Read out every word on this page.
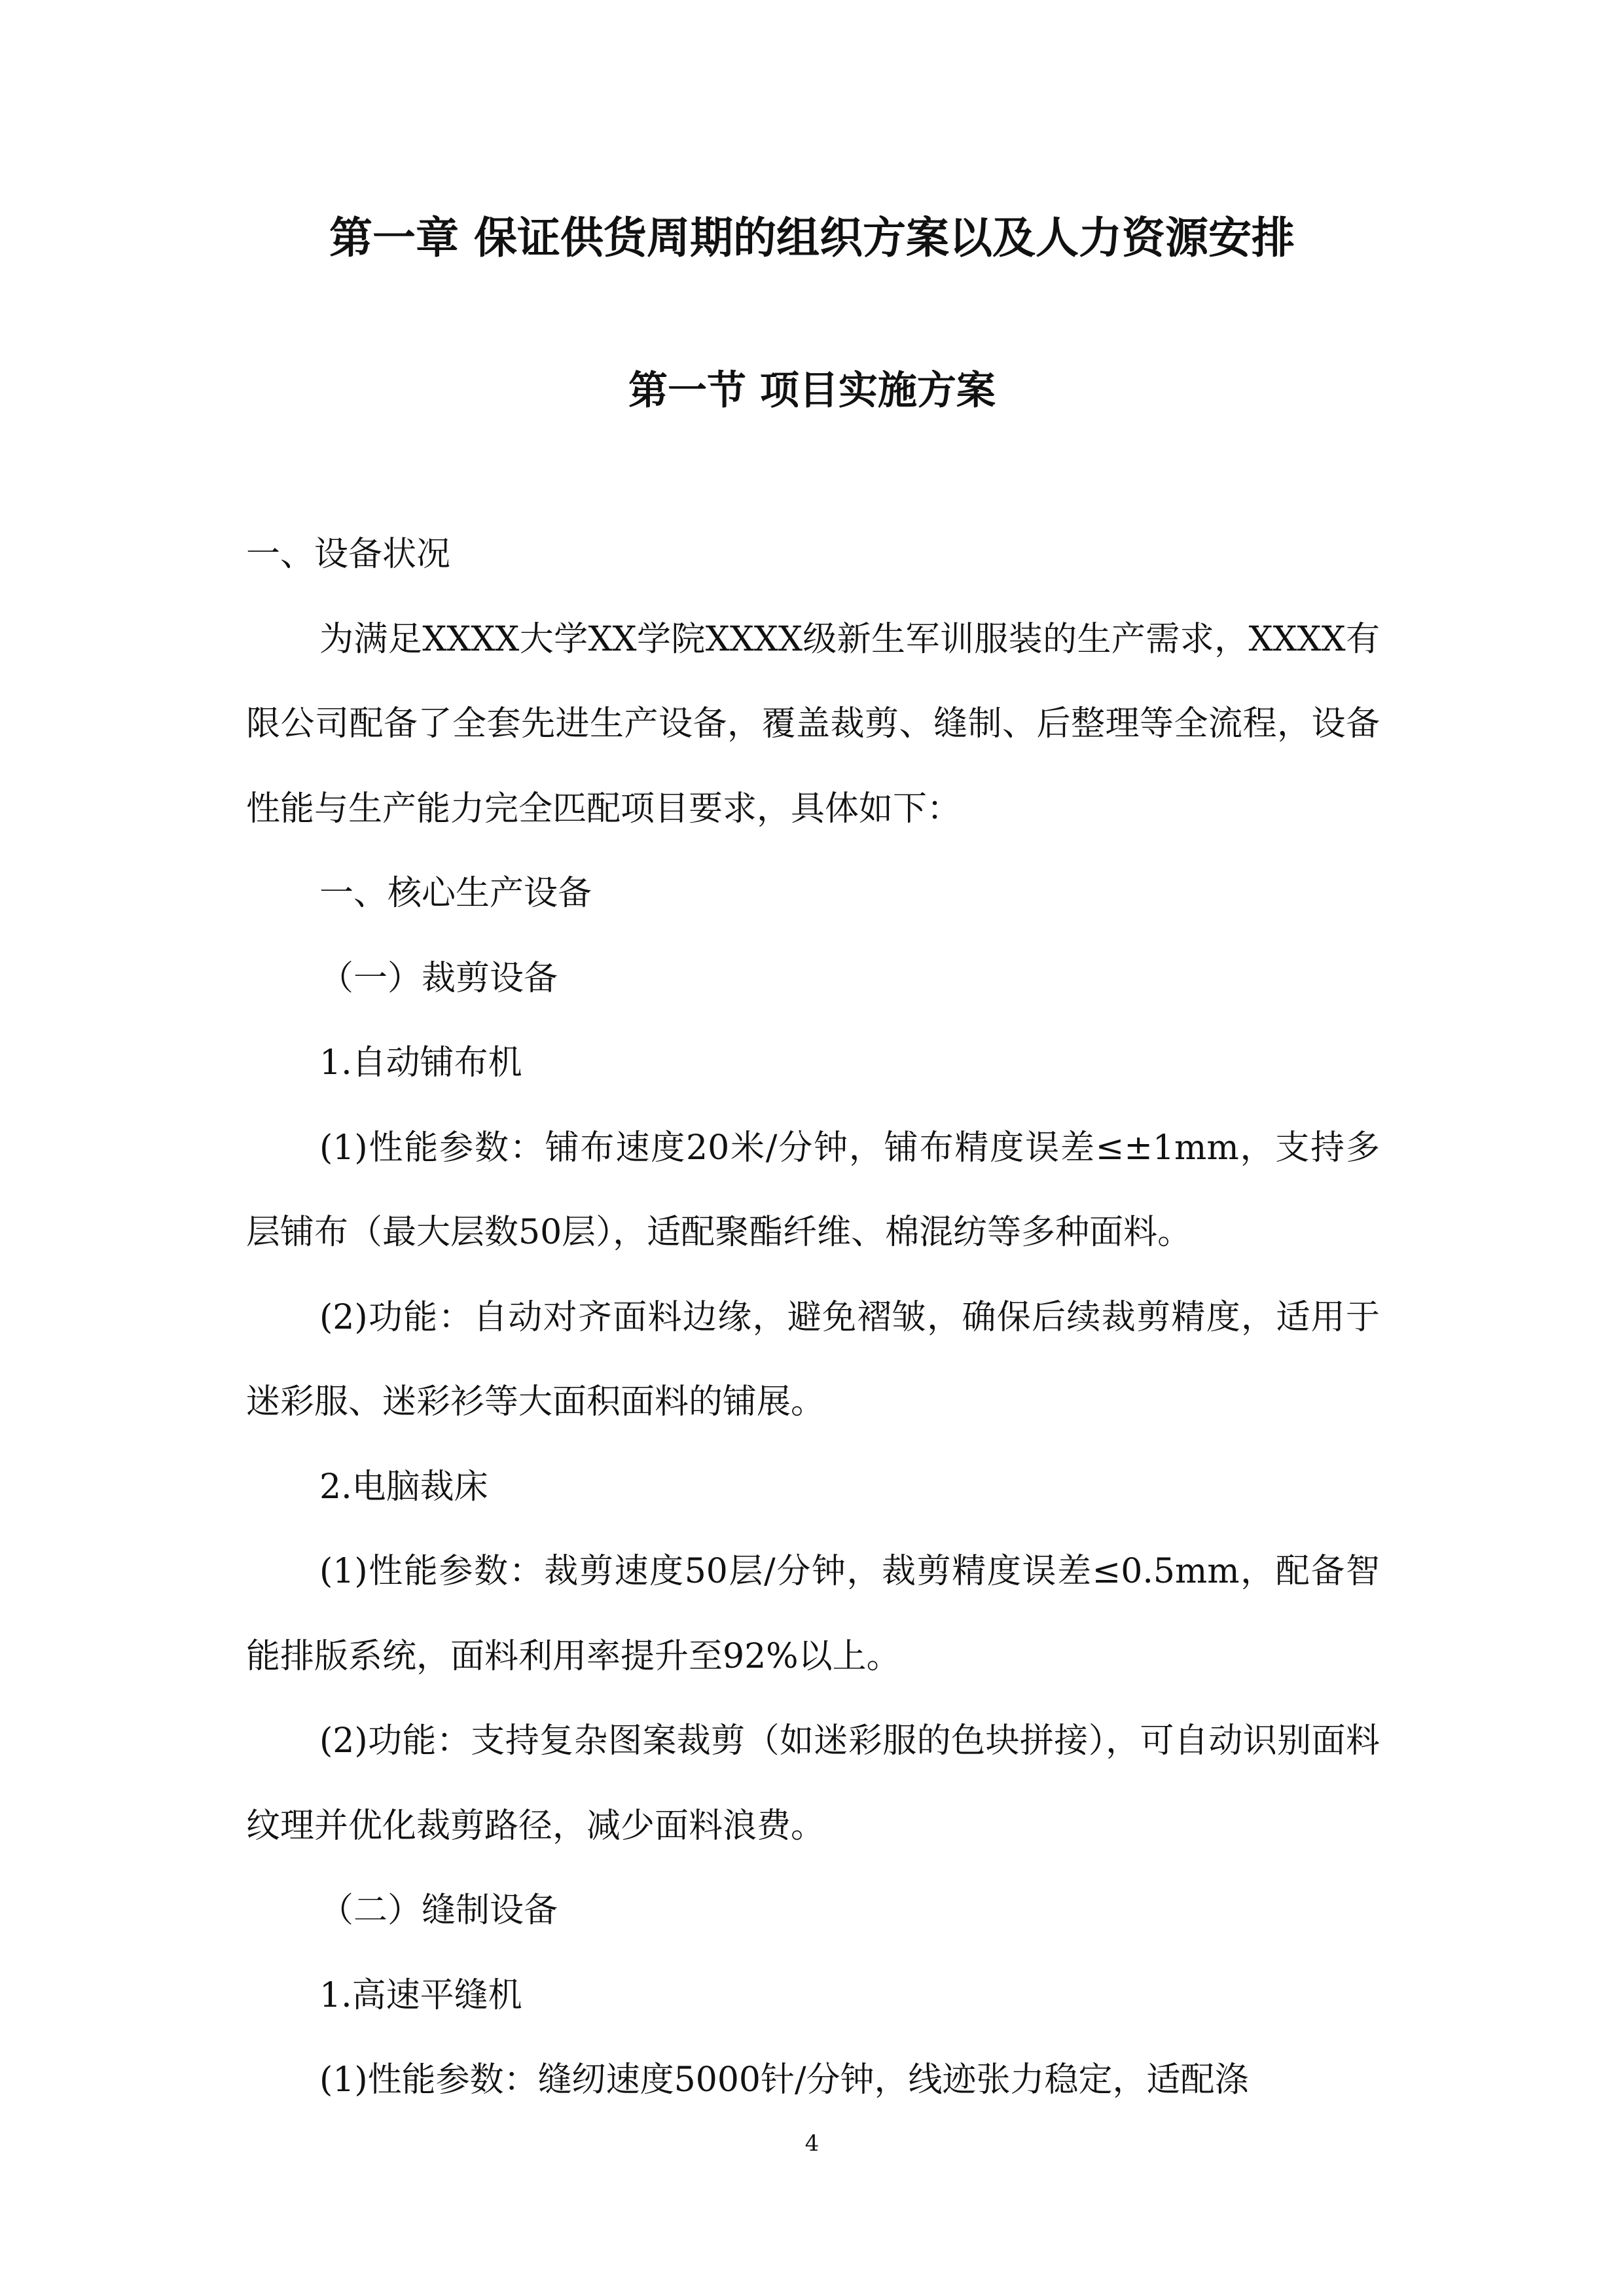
第一章 保证供货周期的组织方案以及人力资源安排
第一节 项目实施方案

一、设备状况

为满足XXXX大学XX学院XXXX级新生军训服装的生产需求，XXXX有限公司配备了全套先进生产设备，覆盖裁剪、缝制、后整理等全流程，设备性能与生产能力完全匹配项目要求，具体如下：

一、核心生产设备

（一）裁剪设备

1.自动铺布机

(1)性能参数：铺布速度20米/分钟，铺布精度误差≤±1mm，支持多层铺布（最大层数50层），适配聚酯纤维、棉混纺等多种面料。

(2)功能：自动对齐面料边缘，避免褶皱，确保后续裁剪精度，适用于迷彩服、迷彩衫等大面积面料的铺展。

2.电脑裁床

(1)性能参数：裁剪速度50层/分钟，裁剪精度误差≤0.5mm，配备智能排版系统，面料利用率提升至92%以上。

(2)功能：支持复杂图案裁剪（如迷彩服的色块拼接），可自动识别面料纹理并优化裁剪路径，减少面料浪费。

（二）缝制设备

1.高速平缝机

(1)性能参数：缝纫速度5000针/分钟，线迹张力稳定，适配涤

4
